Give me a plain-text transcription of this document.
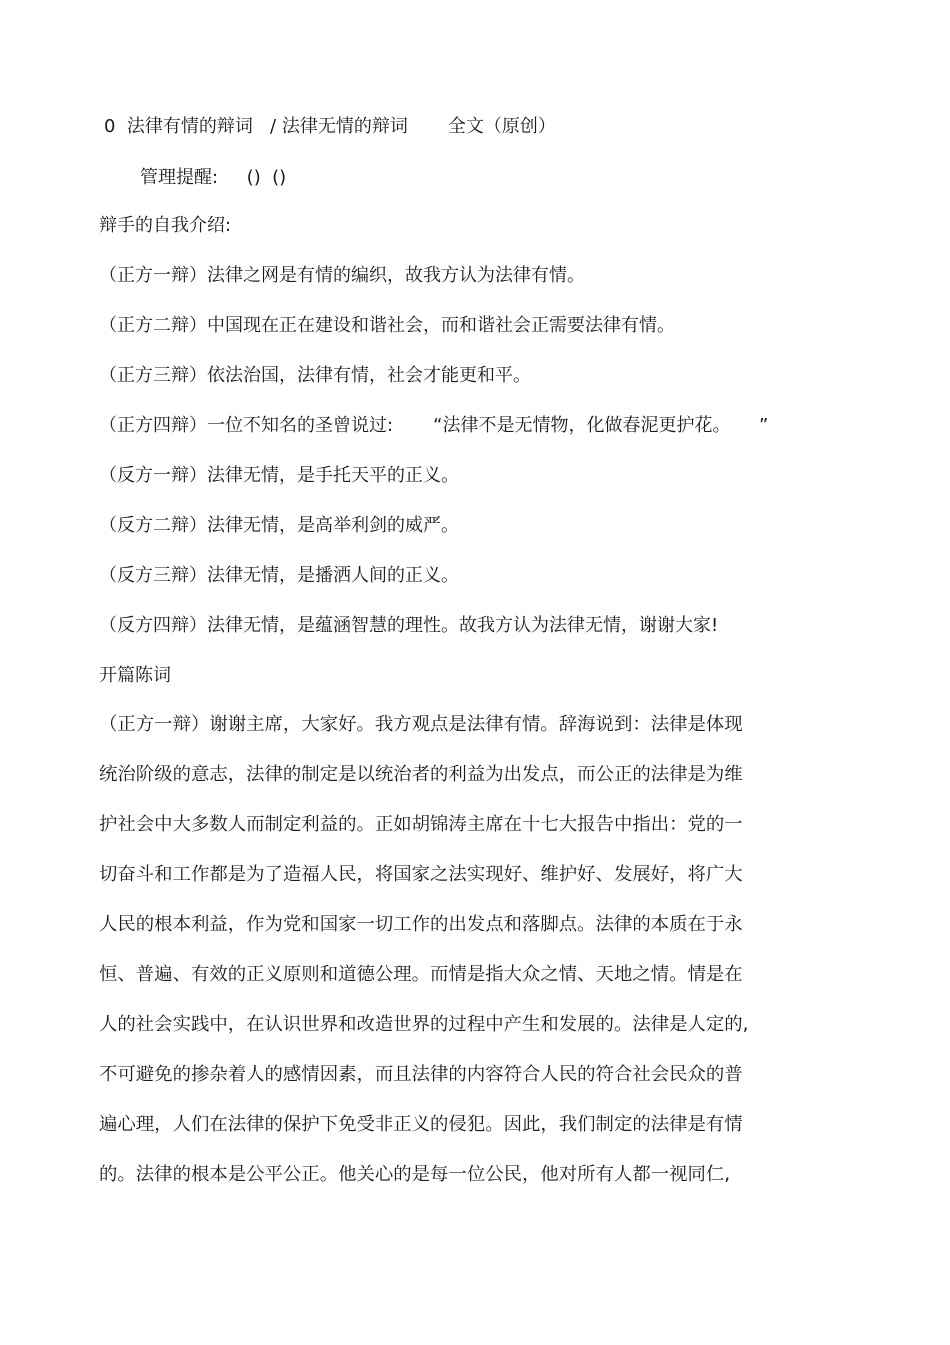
0  法律有情的辩词   / 法律无情的辩词       全文（原创）
管理提醒:     ()  ()
辩手的自我介绍:
（正方一辩）法律之网是有情的编织，故我方认为法律有情。
（正方二辩）中国现在正在建设和谐社会，而和谐社会正需要法律有情。
（正方三辩）依法治国，法律有情，社会才能更和平。
（正方四辩）一位不知名的圣曾说过:       “法律不是无情物，化做春泥更护花。     ”
（反方一辩）法律无情，是手托天平的正义。
（反方二辩）法律无情，是高举利剑的威严。
（反方三辩）法律无情，是播洒人间的正义。
（反方四辩）法律无情，是蕴涵智慧的理性。故我方认为法律无情，谢谢大家!
开篇陈词
（正方一辩）谢谢主席，大家好。我方观点是法律有情。辞海说到：法律是体现
统治阶级的意志，法律的制定是以统治者的利益为出发点，而公正的法律是为维
护社会中大多数人而制定利益的。正如胡锦涛主席在十七大报告中指出：党的一
切奋斗和工作都是为了造福人民，将国家之法实现好、维护好、发展好，将广大
人民的根本利益，作为党和国家一切工作的出发点和落脚点。法律的本质在于永
恒、普遍、有效的正义原则和道德公理。而情是指大众之情、天地之情。情是在
人的社会实践中，在认识世界和改造世界的过程中产生和发展的。法律是人定的,
不可避免的掺杂着人的感情因素，而且法律的内容符合人民的符合社会民众的普
遍心理，人们在法律的保护下免受非正义的侵犯。因此，我们制定的法律是有情
的。法律的根本是公平公正。他关心的是每一位公民，他对所有人都一视同仁,
